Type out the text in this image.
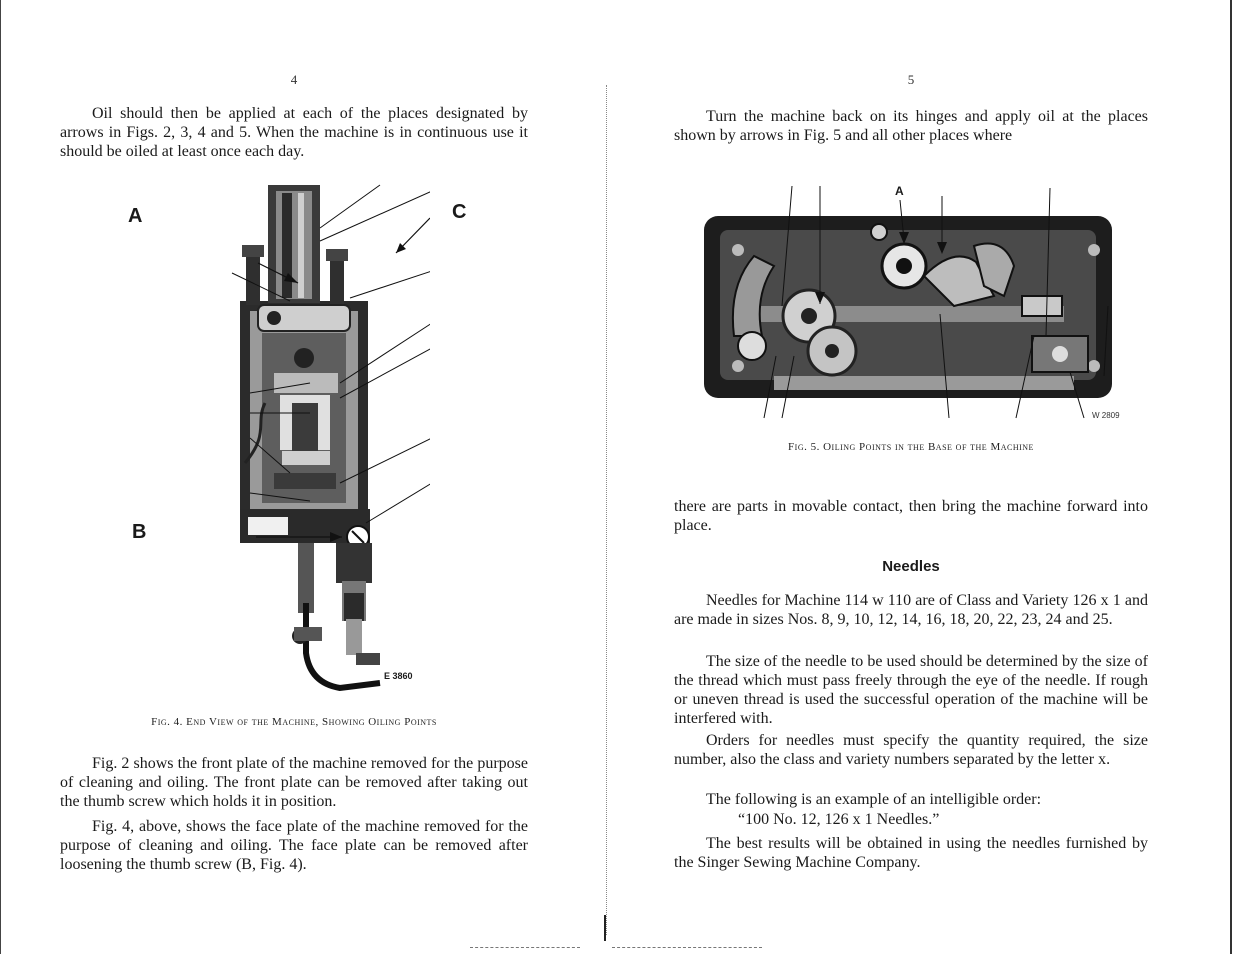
4

Oil should then be applied at each of the places designated by arrows in Figs. 2, 3, 4 and 5. When the machine is in continuous use it should be oiled at least once each day.

A	C
B
E 3860
Fig. 4. End View of the Machine, Showing Oiling Points

Fig. 2 shows the front plate of the machine removed for the purpose of cleaning and oiling. The front plate can be removed after taking out the thumb screw which holds it in position.

Fig. 4, above, shows the face plate of the machine removed for the purpose of cleaning and oiling. The face plate can be removed after loosening the thumb screw (B, Fig. 4).

5

Turn the machine back on its hinges and apply oil at the places shown by arrows in Fig. 5 and all other places where

A
W 2809
Fig. 5. Oiling Points in the Base of the Machine

there are parts in movable contact, then bring the machine forward into place.

Needles

Needles for Machine 114 w 110 are of Class and Variety 126 x 1 and are made in sizes Nos. 8, 9, 10, 12, 14, 16, 18, 20, 22, 23, 24 and 25.

The size of the needle to be used should be determined by the size of the thread which must pass freely through the eye of the needle. If rough or uneven thread is used the successful operation of the machine will be interfered with.

Orders for needles must specify the quantity required, the size number, also the class and variety numbers separated by the letter x.

The following is an example of an intelligible order:

“100 No. 12, 126 x 1 Needles.”

The best results will be obtained in using the needles furnished by the Singer Sewing Machine Company.
